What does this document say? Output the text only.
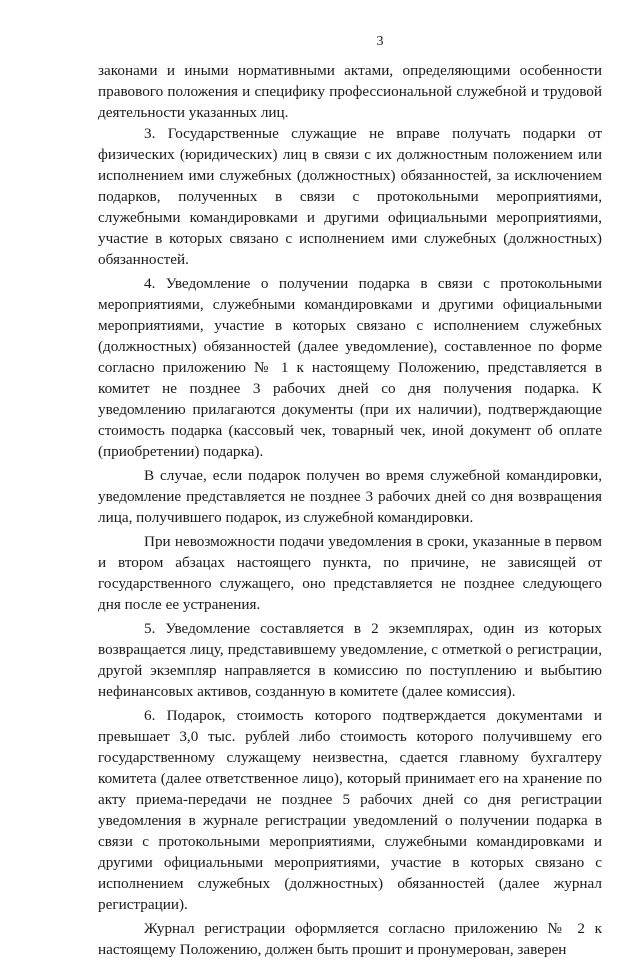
3

законами и иными нормативными актами, определяющими особенности правового положения и специфику профессиональной служебной и трудовой деятельности указанных лиц.

3. Государственные служащие не вправе получать подарки от физических (юридических) лиц в связи с их должностным положением или исполнением ими служебных (должностных) обязанностей, за исключением подарков, полученных в связи с протокольными мероприятиями, служебными командировками и другими официальными мероприятиями, участие в которых связано с исполнением ими служебных (должностных) обязанностей.

4. Уведомление о получении подарка в связи с протокольными мероприятиями, служебными командировками и другими официальными мероприятиями, участие в которых связано с исполнением служебных (должностных) обязанностей (далее уведомление), составленное по форме согласно приложению № 1 к настоящему Положению, представляется в комитет не позднее 3 рабочих дней со дня получения подарка. К уведомлению прилагаются документы (при их наличии), подтверждающие стоимость подарка (кассовый чек, товарный чек, иной документ об оплате (приобретении) подарка).

В случае, если подарок получен во время служебной командировки, уведомление представляется не позднее 3 рабочих дней со дня возвращения лица, получившего подарок, из служебной командировки.

При невозможности подачи уведомления в сроки, указанные в первом и втором абзацах настоящего пункта, по причине, не зависящей от государственного служащего, оно представляется не позднее следующего дня после ее устранения.

5. Уведомление составляется в 2 экземплярах, один из которых возвращается лицу, представившему уведомление, с отметкой о регистрации, другой экземпляр направляется в комиссию по поступлению и выбытию нефинансовых активов, созданную в комитете (далее комиссия).

6. Подарок, стоимость которого подтверждается документами и превышает 3,0 тыс. рублей либо стоимость которого получившему его государственному служащему неизвестна, сдается главному бухгалтеру комитета (далее ответственное лицо), который принимает его на хранение по акту приема-передачи не позднее 5 рабочих дней со дня регистрации уведомления в журнале регистрации уведомлений о получении подарка в связи с протокольными мероприятиями, служебными командировками и другими официальными мероприятиями, участие в которых связано с исполнением служебных (должностных) обязанностей (далее журнал регистрации).

Журнал регистрации оформляется согласно приложению № 2 к настоящему Положению, должен быть прошит и пронумерован, заверен
